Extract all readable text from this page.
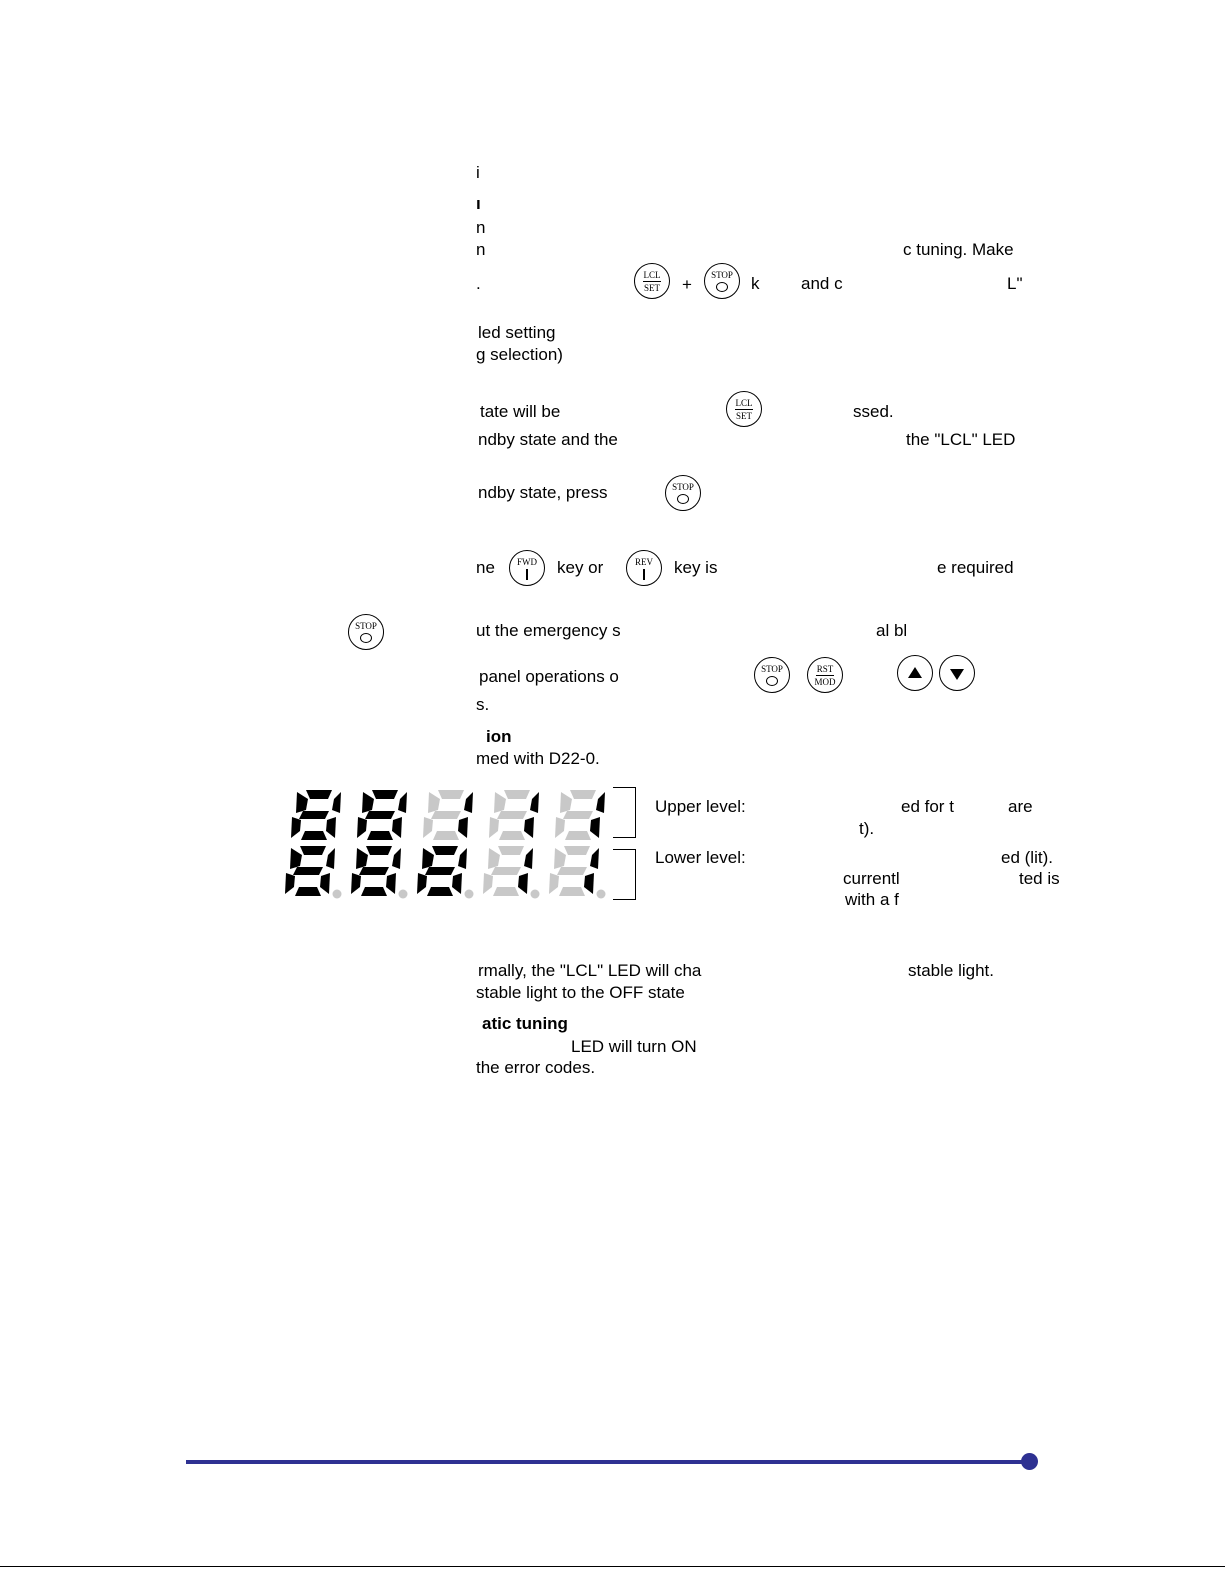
i
ı
n
n	c tuning. Make
.	+	k and c	L"
led setting
g selection)
tate will be	ssed.
ndby state and the	the "LCL" LED
ndby state, press
ne	key or	key is	e required
ut the emergency s	al bl
panel operations o
s.
ion
med with D22-0.
Upper level:	ed for t	are
t).
Lower level:	ed (lit).
currentl	ted is
with a f
rmally, the "LCL" LED will cha	stable light.
stable light to the OFF state
atic tuning
LED will turn ON
the error codes.
LCL
SET
STOP
LCL
SET
STOP
FWD	REV
STOP
STOP	RST
MOD
